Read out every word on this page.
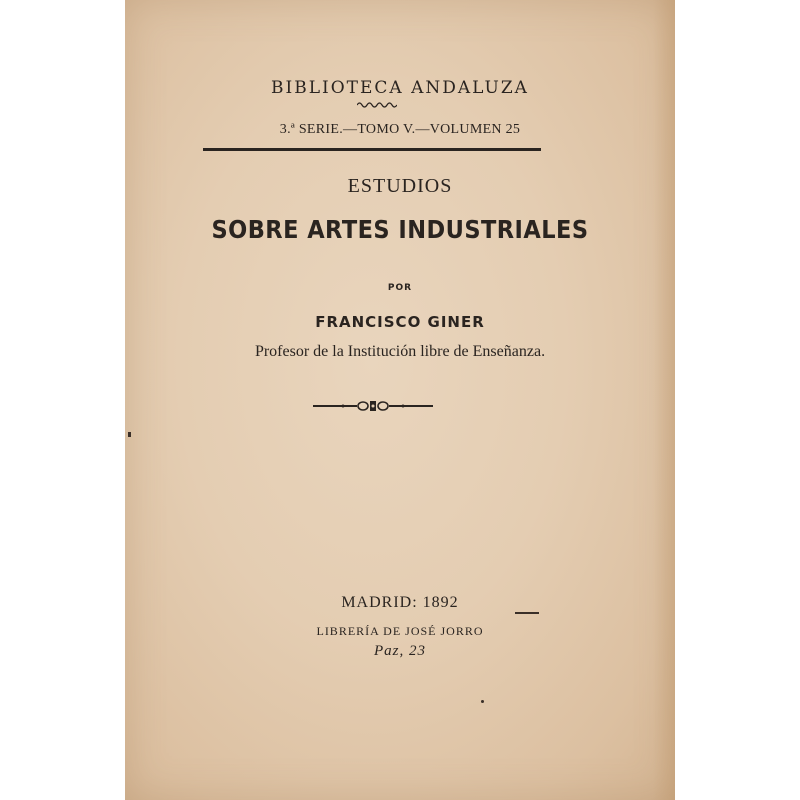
BIBLIOTECA ANDALUZA
3.ª SERIE.—TOMO V.—VOLUMEN 25
ESTUDIOS
SOBRE ARTES INDUSTRIALES
POR
FRANCISCO GINER
Profesor de la Institución libre de Enseñanza.
MADRID: 1892
LIBRERÍA DE JOSÉ JORRO
Paz, 23
